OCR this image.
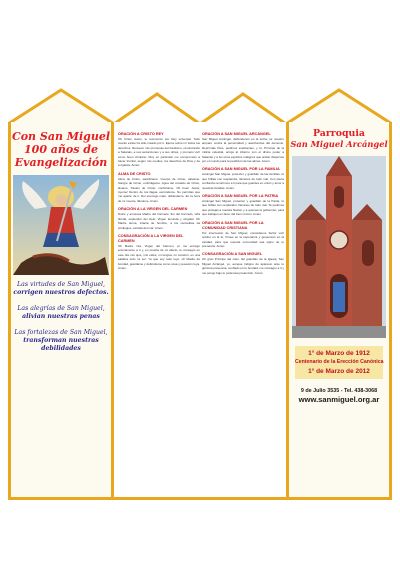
Con San Miguel
100 años de
Evangelización
Las virtudes de San Miguel,
corrigen nuestros defectos.
Las alegrías de San Miguel,
alivian nuestras penas
Las fortalezas de San Miguel,
transforman nuestras debilidades
ORACIÓN A CRISTO REY
Oh Cristo Jesús, te reconozco por Rey universal. Todo cuanto existe ha sido creado por ti. Ejerce sobre mí todos tus derechos. Renuevo mis promesas del bautismo, renunciando a Satanás, a sus seducciones y a sus obras, y prometo vivir como buen cristiano. Muy en particular me comprometo a hacer triunfar, según mis medios, los derechos de Dios y de tu Iglesia. Amén.
ALMA DE CRISTO
Alma de Cristo, santifícame. Cuerpo de Cristo, sálvame. Sangre de Cristo, embriágame. Agua del costado de Cristo, lávame. Pasión de Cristo, confórtame. Oh buen Jesús, óyeme! Dentro de tus llagas, escóndeme. No permitas que me aparte de ti. Del enemigo malo, defiéndeme. En la hora de mi muerte, llámame. Amén.
ORACIÓN A LA VIRGEN DEL CARMEN
Dulce y amorosa Madre del Carmelo, flor del Carmelo, viña florida, esplendor del cielo, Virgen fecunda y singular. Oh Madre tierna, intacta de hombre, a los carmelitas da privilegios, estrella del mar. Amén.
CONSAGRACIÓN A LA VIRGEN DEL CARMEN
Oh Madre mía, Virgen del Carmen, yo me entrego enteramente a ti y, en prueba de mi afecto, te consagro en este día mis ojos, mis oídos, mi lengua, mi corazón, en una palabra todo mi ser. Ya que soy todo tuyo, oh Madre de bondad, guárdame y defiéndeme como cosa y posesión tuya. Amén.
ORACIÓN A SAN MIGUEL ARCÁNGEL
San Miguel Arcángel, defiéndenos en la lucha; sé nuestro amparo contra la perversidad y asechanzas del demonio. Reprímale Dios, pedimos suplicantes, y tú, Príncipe de la milicia celestial, arroja al infierno con el divino poder a Satanás y a los otros espíritus malignos que andan dispersos por el mundo para la perdición de las almas. Amén.
ORACIÓN A SAN MIGUEL POR LA FAMILIA
Arcángel San Miguel, protector y guardián de las familias, tú que brillas con resplandor, llénanos de todo mal. Con plena confianza recurrimos a ti para que guardes en unión y amor a nuestras familias. Amén.
ORACIÓN A SAN MIGUEL POR LA PATRIA
Arcángel San Miguel, protector y guardián de la Patria, tú que brillas con resplandor, llénanos de todo mal. Te pedimos que protejas a nuestra Nación y a quienes la gobiernan, para que trabajen en favor del bien común. Amén.
ORACIÓN A SAN MIGUEL POR LA COMUNIDAD CRISTIANA
Por intercesión de San Miguel, concédenos Señor vivir unidos en la fe, firmes en la esperanza y generosos en la caridad, para que nuestra comunidad sea signo de tu presencia. Amén.
CONSAGRACIÓN A SAN MIGUEL
Oh gran Príncipe del cielo, fiel guardián de la Iglesia, San Miguel Arcángel, yo, aunque indigno de aparecer ante tu gloriosa presencia, confiado en tu bondad, me consagro a ti y me pongo bajo tu poderosa protección. Amén.
Parroquia
San Miguel Arcángel
1° de Marzo de 1912
Centenario de la Erección Canónica
1° de Marzo de 2012
9 de Julio 3535 - Tel. 438-3068
www.sanmiguel.org.ar
